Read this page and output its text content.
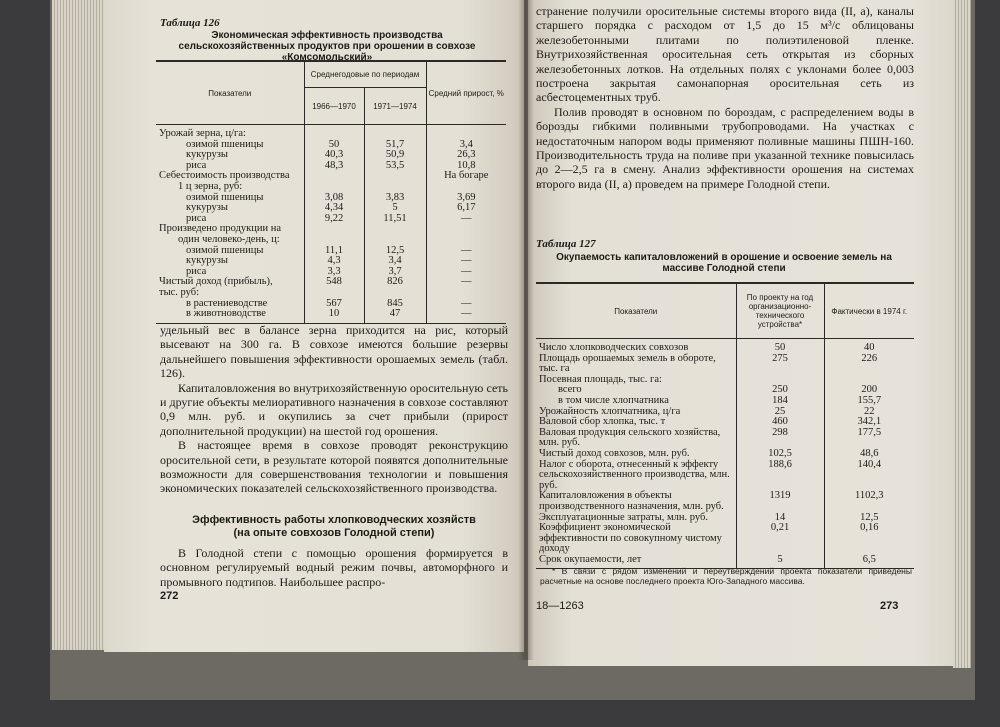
Таблица 126
Экономическая эффективность производства сельскохозяйственных продуктов при орошении в совхозе «Комсомольский»
Показатели	Среднегодовые по периодам		Средний прирост, %
	1966—1970	1971—1974	
Урожай зерна, ц/га:			
озимой пшеницы	50	51,7	3,4
кукурузы	40,3	50,9	26,3
риса	48,3	53,5	10,8
Себестоимость производства			На богаре
1 ц зерна, руб:			
озимой пшеницы	3,08	3,83	3,69
кукурузы	4,34	5	6,17
риса	9,22	11,51	—
Произведено продукции на			
один человеко-день, ц:			
озимой пшеницы	11,1	12,5	—
кукурузы	4,3	3,4	—
риса	3,3	3,7	—
Чистый доход (прибыль),	548	826	—
тыс. руб:			
в растениеводстве	567	845	—
в животноводстве	10	47	—

удельный вес в балансе зерна приходится на рис, который высевают на 300 га. В совхозе имеются большие резервы дальнейшего повышения эффективности орошаемых земель (табл. 126).

Капиталовложения во внутрихозяйственную оросительную сеть и другие объекты мелиоративного назначения в совхозе составляют 0,9 млн. руб. и окупились за счет прибыли (прирост дополнительной продукции) на шестой год орошения.

В настоящее время в совхозе проводят реконструкцию оросительной сети, в результате которой появятся дополнительные возможности для совершенствования технологии и повышения экономических показателей сельскохозяйственного производства.

Эффективность работы хлопководческих хозяйств
(на опыте совхозов Голодной степи)

В Голодной степи с помощью орошения формируется в основном регулируемый водный режим почвы, автоморфного и промывного подтипов. Наибольшее распро-

272

странение получили оросительные системы второго вида (II, а), каналы старшего порядка с расходом от 1,5 до 15 м³/с облицованы железобетонными плитами по полиэтиленовой пленке. Внутрихозяйственная оросительная сеть открытая из сборных железобетонных лотков. На отдельных полях с уклонами более 0,003 построена закрытая самонапорная оросительная сеть из асбестоцементных труб.

Полив проводят в основном по бороздам, с распределением воды в борозды гибкими поливными трубопроводами. На участках с недостаточным напором воды применяют поливные машины ПШН-160. Производительность труда на поливе при указанной технике повысилась до 2—2,5 га в смену. Анализ эффективности орошения на системах второго вида (II, а) проведем на примере Голодной степи.

Таблица 127
Окупаемость капиталовложений в орошение и освоение земель на массиве Голодной степи
Показатели	По проекту на год организационно-технического устройства*	Фактически в 1974 г.
Число хлопководческих совхозов	50	40
Площадь орошаемых земель в обороте, тыс. га	275	226
Посевная площадь, тыс. га:		
всего	250	200
в том числе хлопчатника	184	155,7
Урожайность хлопчатника, ц/га	25	22
Валовой сбор хлопка, тыс. т	460	342,1
Валовая продукция сельского хозяйства, млн. руб.	298	177,5
Чистый доход совхозов, млн. руб.	102,5	48,6
Налог с оборота, отнесенный к эффекту сельскохозяйственного производства, млн. руб.	188,6	140,4
Капиталовложения в объекты производственного назначения, млн. руб.	1319	1102,3
Эксплуатационные затраты, млн. руб.	14	12,5
Коэффициент экономической эффективности по совокупному чистому доходу	0,21	0,16
Срок окупаемости, лет	5	6,5
* В связи с рядом изменений и переутверждений проекта показатели приведены расчетные на основе последнего проекта Юго-Западного массива.
18—1263	273
